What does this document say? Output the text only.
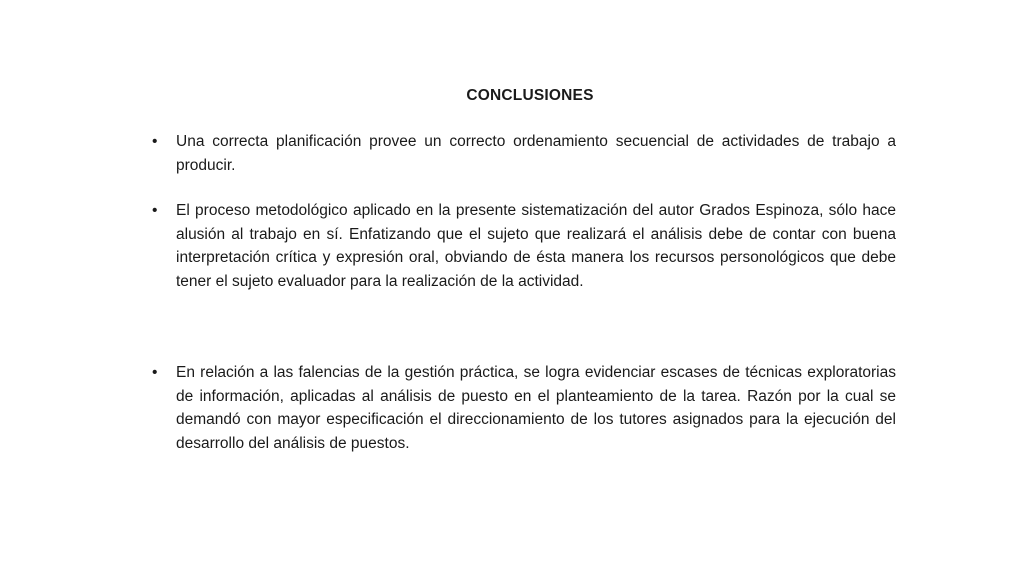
CONCLUSIONES
• Una correcta planificación provee un correcto ordenamiento secuencial de actividades de trabajo a producir.
• El proceso metodológico aplicado en la presente sistematización del autor Grados Espinoza, sólo hace alusión al trabajo en sí. Enfatizando que el sujeto que realizará el análisis debe de contar con buena interpretación crítica y expresión oral, obviando de ésta manera los recursos personológicos que debe tener el sujeto evaluador para la realización de la actividad.
• En relación a las falencias de la gestión práctica, se logra evidenciar escases de técnicas exploratorias de información, aplicadas al análisis de puesto en el planteamiento de la tarea. Razón por la cual se demandó con mayor especificación el direccionamiento de los tutores asignados para la ejecución del desarrollo del análisis de puestos.
